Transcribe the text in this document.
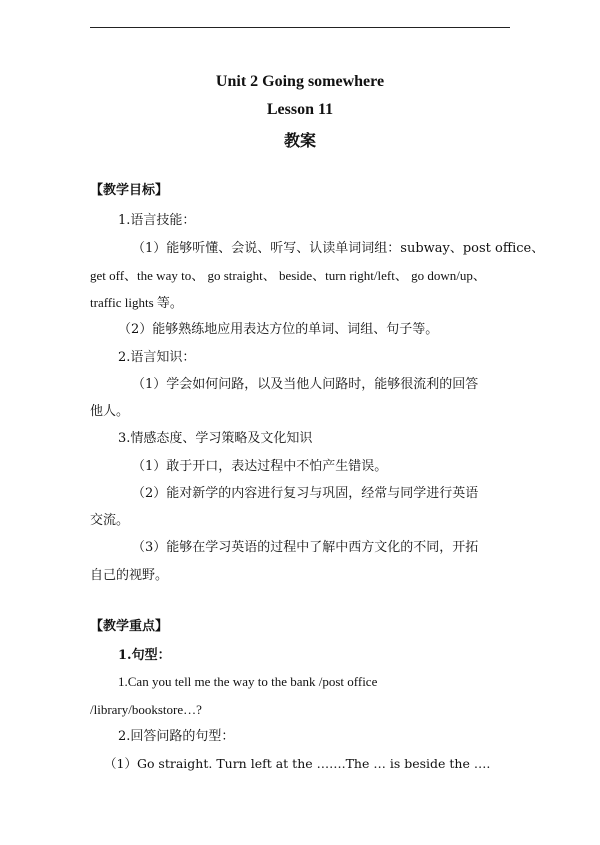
Unit 2 Going somewhere
Lesson 11
教案
【教学目标】
1.语言技能：
（1）能够听懂、会说、听写、认读单词词组：subway、post office、
get off、the way to、 go straight、 beside、turn right/left、 go down/up、
traffic lights 等。
（2）能够熟练地应用表达方位的单词、词组、句子等。
2.语言知识：
（1）学会如何问路，以及当他人问路时，能够很流利的回答
他人。
3.情感态度、学习策略及文化知识
（1）敢于开口，表达过程中不怕产生错误。
（2）能对新学的内容进行复习与巩固，经常与同学进行英语
交流。
（3）能够在学习英语的过程中了解中西方文化的不同，开拓
自己的视野。
【教学重点】
1.句型：
1.Can you tell me the way to the bank /post office
/library/bookstore…?
2.回答问路的句型：
（1）Go straight. Turn left at the …….The … is beside the ….
